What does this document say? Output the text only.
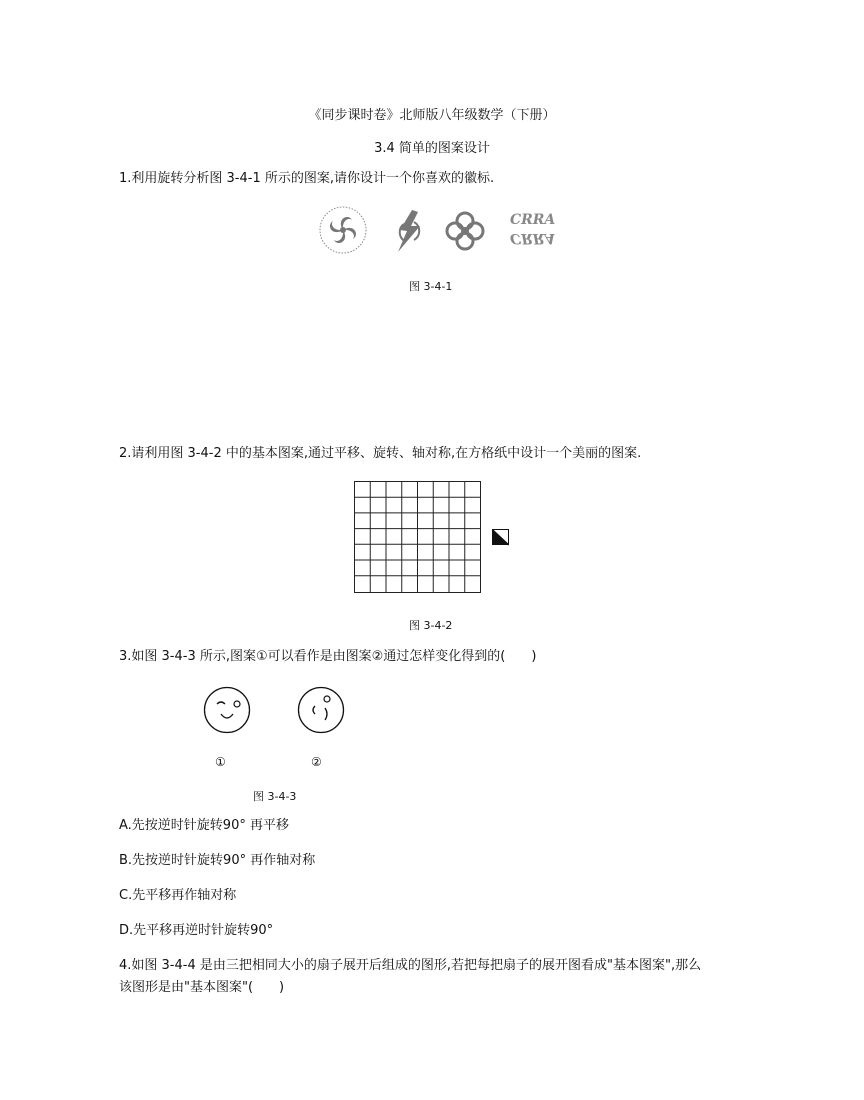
《同步课时卷》北师版八年级数学（下册）
3.4 简单的图案设计
1.利用旋转分析图 3-4-1 所示的图案,请你设计一个你喜欢的徽标.
CRRA
CRRA
图 3-4-1
2.请利用图 3-4-2 中的基本图案,通过平移、旋转、轴对称,在方格纸中设计一个美丽的图案.
图 3-4-2
3.如图 3-4-3 所示,图案①可以看作是由图案②通过怎样变化得到的(　　)
①	②
图 3-4-3
A.先按逆时针旋转90° 再平移
B.先按逆时针旋转90° 再作轴对称
C.先平移再作轴对称
D.先平移再逆时针旋转90°
4.如图 3-4-4 是由三把相同大小的扇子展开后组成的图形,若把每把扇子的展开图看成"基本图案",那么
该图形是由"基本图案"(　　)
